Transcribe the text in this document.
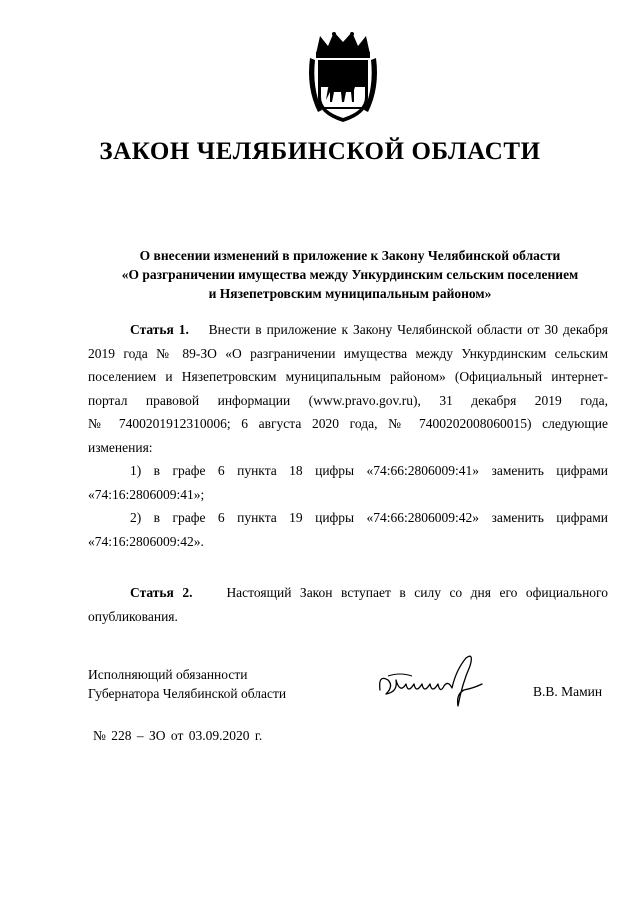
ЗАКОН ЧЕЛЯБИНСКОЙ ОБЛАСТИ
О внесении изменений в приложение к Закону Челябинской области
«О разграничении имущества между Ункурдинским сельским поселением
и Нязепетровским муниципальным районом»
Статья 1. Внести в приложение к Закону Челябинской области от 30 декабря
2019 года № 89-ЗО «О разграничении имущества между Ункурдинским сельским
поселением и Нязепетровским муниципальным районом» (Официальный интернет-
портал правовой информации (www.pravo.gov.ru), 31 декабря 2019 года,
№ 7400201912310006; 6 августа 2020 года, № 7400202008060015) следующие
изменения:
1) в графе 6 пункта 18 цифры «74:66:2806009:41» заменить цифрами
«74:16:2806009:41»;
2) в графе 6 пункта 19 цифры «74:66:2806009:42» заменить цифрами
«74:16:2806009:42».
Статья 2.	Настоящий Закон вступает в силу со дня его официального
опубликования.
Исполняющий обязанности
Губернатора Челябинской области	В.В. Мамин
№ 228 – ЗО от 03.09.2020 г.
